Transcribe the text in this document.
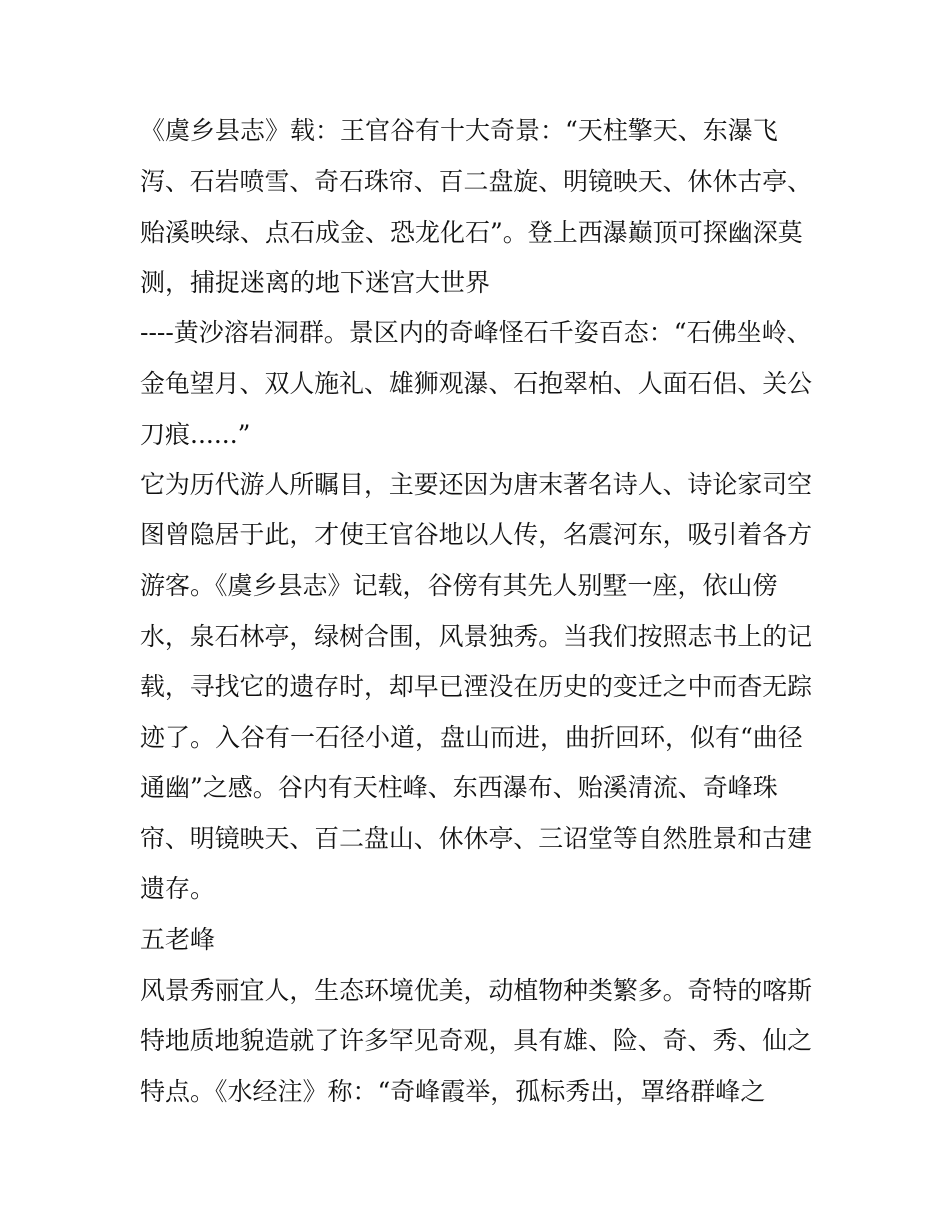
《虞乡县志》载：王官谷有十大奇景：“天柱擎天、东瀑飞
泻、石岩喷雪、奇石珠帘、百二盘旋、明镜映天、休休古亭、
贻溪映绿、点石成金、恐龙化石”。登上西瀑巅顶可探幽深莫
测，捕捉迷离的地下迷宫大世界
----黄沙溶岩洞群。景区内的奇峰怪石千姿百态：“石佛坐岭、
金龟望月、双人施礼、雄狮观瀑、石抱翠柏、人面石侣、关公
刀痕......”
它为历代游人所瞩目，主要还因为唐末著名诗人、诗论家司空
图曾隐居于此，才使王官谷地以人传，名震河东，吸引着各方
游客。《虞乡县志》记载，谷傍有其先人别墅一座，依山傍
水，泉石林亭，绿树合围，风景独秀。当我们按照志书上的记
载，寻找它的遗存时，却早已湮没在历史的变迁之中而杳无踪
迹了。入谷有一石径小道，盘山而进，曲折回环，似有“曲径
通幽”之感。谷内有天柱峰、东西瀑布、贻溪清流、奇峰珠
帘、明镜映天、百二盘山、休休亭、三诏堂等自然胜景和古建
遗存。
五老峰
风景秀丽宜人，生态环境优美，动植物种类繁多。奇特的喀斯
特地质地貌造就了许多罕见奇观，具有雄、险、奇、秀、仙之
特点。《水经注》称：“奇峰霞举，孤标秀出，罩络群峰之
